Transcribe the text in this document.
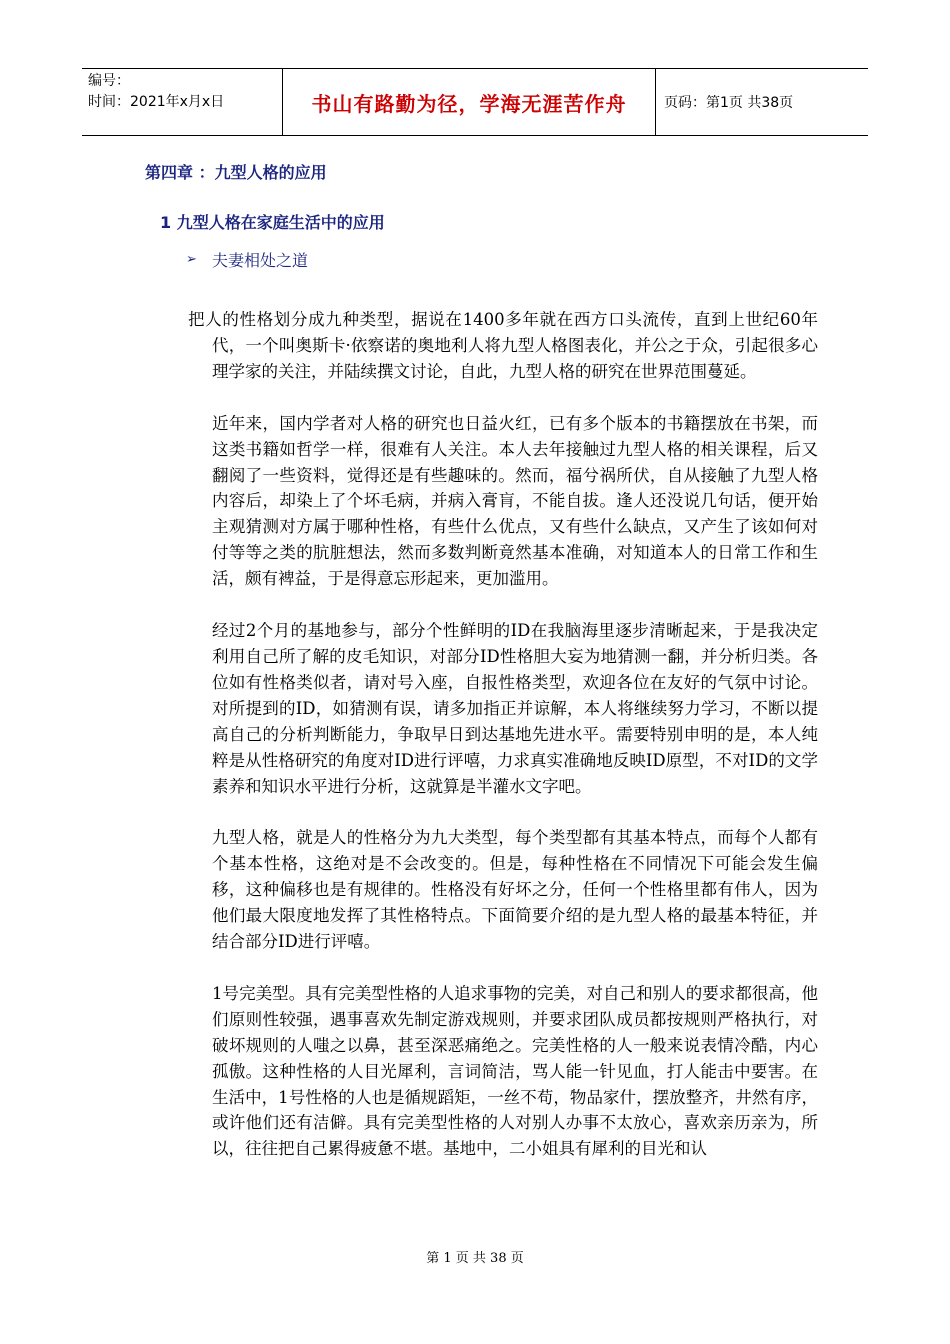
编号：
时间：2021年x月x日	书山有路勤为径，学海无涯苦作舟	页码：第1页 共38页
第四章 ：九型人格的应用
1 九型人格在家庭生活中的应用
➢ 夫妻相处之道

把人的性格划分成九种类型，据说在1400多年就在西方口头流传，直到上世纪60年代，一个叫奥斯卡·依察诺的奥地利人将九型人格图表化，并公之于众，引起很多心理学家的关注，并陆续撰文讨论，自此，九型人格的研究在世界范围蔓延。

近年来，国内学者对人格的研究也日益火红，已有多个版本的书籍摆放在书架，而这类书籍如哲学一样，很难有人关注。本人去年接触过九型人格的相关课程，后又翻阅了一些资料，觉得还是有些趣味的。然而，福兮祸所伏，自从接触了九型人格内容后，却染上了个坏毛病，并病入膏肓，不能自拔。逢人还没说几句话，便开始主观猜测对方属于哪种性格，有些什么优点，又有些什么缺点，又产生了该如何对付等等之类的肮脏想法，然而多数判断竟然基本准确，对知道本人的日常工作和生活，颇有裨益，于是得意忘形起来，更加滥用。

经过2个月的基地参与，部分个性鲜明的ID在我脑海里逐步清晰起来，于是我决定利用自己所了解的皮毛知识，对部分ID性格胆大妄为地猜测一翻，并分析归类。各位如有性格类似者，请对号入座，自报性格类型，欢迎各位在友好的气氛中讨论。对所提到的ID，如猜测有误，请多加指正并谅解，本人将继续努力学习，不断以提高自己的分析判断能力，争取早日到达基地先进水平。需要特别申明的是，本人纯粹是从性格研究的角度对ID进行评嘻，力求真实准确地反映ID原型，不对ID的文学素养和知识水平进行分析，这就算是半灌水文字吧。

九型人格，就是人的性格分为九大类型，每个类型都有其基本特点，而每个人都有个基本性格，这绝对是不会改变的。但是，每种性格在不同情况下可能会发生偏移，这种偏移也是有规律的。性格没有好坏之分，任何一个性格里都有伟人，因为他们最大限度地发挥了其性格特点。下面简要介绍的是九型人格的最基本特征，并结合部分ID进行评嘻。

1号完美型。具有完美型性格的人追求事物的完美，对自己和别人的要求都很高，他们原则性较强，遇事喜欢先制定游戏规则，并要求团队成员都按规则严格执行，对破坏规则的人嗤之以鼻，甚至深恶痛绝之。完美性格的人一般来说表情冷酷，内心孤傲。这种性格的人目光犀利，言词简洁，骂人能一针见血，打人能击中要害。在生活中，1号性格的人也是循规蹈矩，一丝不苟，物品家什，摆放整齐，井然有序，或许他们还有洁僻。具有完美型性格的人对别人办事不太放心，喜欢亲历亲为，所以，往往把自己累得疲惫不堪。基地中，二小姐具有犀利的目光和认

第 1 页 共 38 页
